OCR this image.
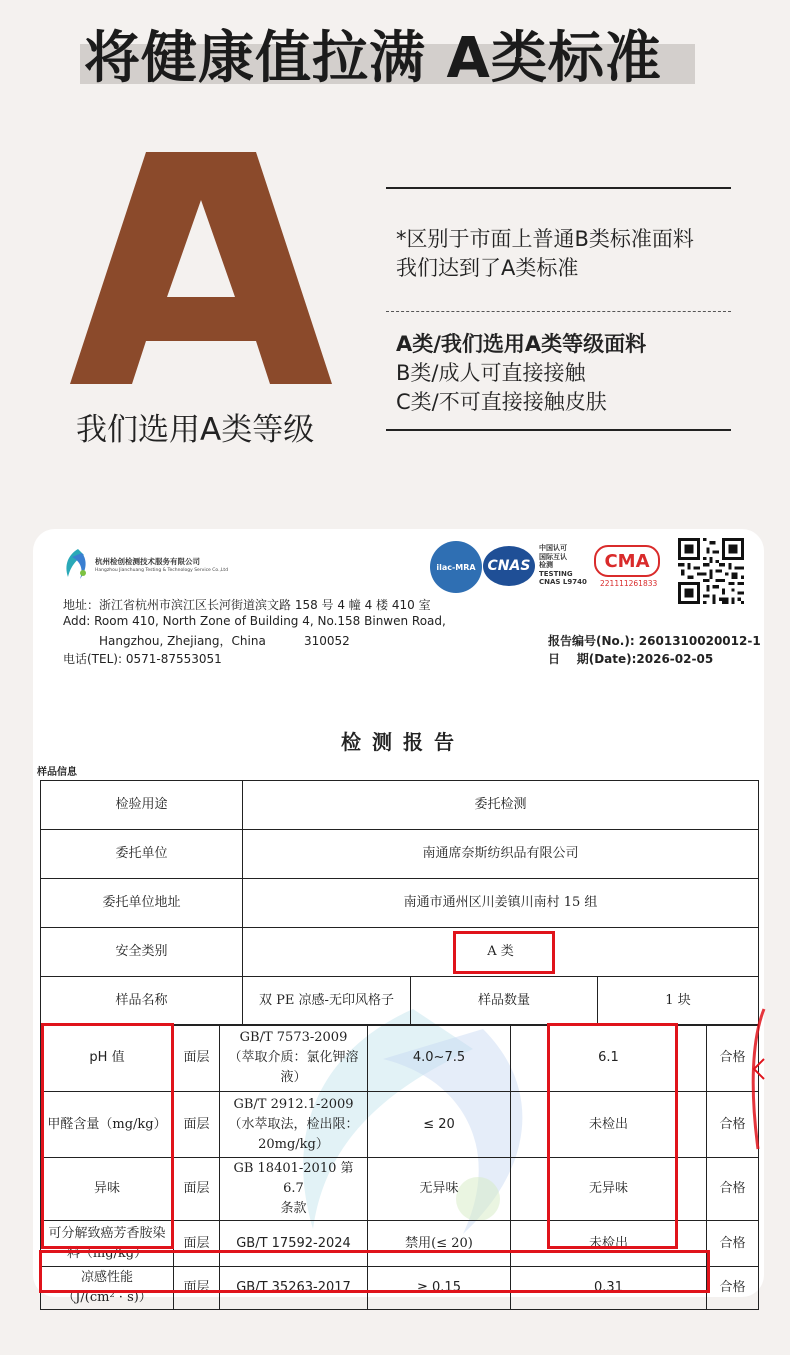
将健康值拉满 A类标准
我们选用A类等级
*区别于市面上普通B类标准面料
我们达到了A类标准
A类/我们选用A类等级面料
B类/成人可直接接触
C类/不可直接接触皮肤
杭州检创检测技术服务有限公司
Hangzhou Jianchuang Testing & Technology Service Co.,Ltd	ilac-MRA CNAS
中国认可
国际互认
检测
TESTING
CNAS L9740
CMA
221111261833
地址：浙江省杭州市滨江区长河街道滨文路 158 号 4 幢 4 楼 410 室
Add: Room 410, North Zone of Building 4, No.158 Binwen Road,
Hangzhou, Zhejiang，China          310052
电话(TEL): 0571-87553051
报告编号(No.): 2601310020012-1
日    期(Date):2026-02-05
检测报告
样品信息
检验用途	委托检测		
委托单位	南通席奈斯纺织品有限公司		
委托单位地址	南通市通州区川姜镇川南村 15 组		
安全类别	A 类		
样品名称	双 PE 凉感-无印风格子	样品数量	1 块
pH 值	面层	GB/T 7573-2009
（萃取介质：氯化钾溶液）	4.0~7.5	6.1	合格
甲醛含量（mg/kg）	面层	GB/T 2912.1-2009
（水萃取法，检出限：
20mg/kg）	≤ 20	未检出	合格
异味	面层	GB 18401-2010 第 6.7
条款	无异味	无异味	合格

可分解致癌芳香胺染
料（mg/kg）	面层	GB/T 17592-2024	禁用(≤ 20)	未检出	合格

凉感性能
（J/(cm² · s)）	面层	GB/T 35263-2017	≥ 0.15	0.31	合格
